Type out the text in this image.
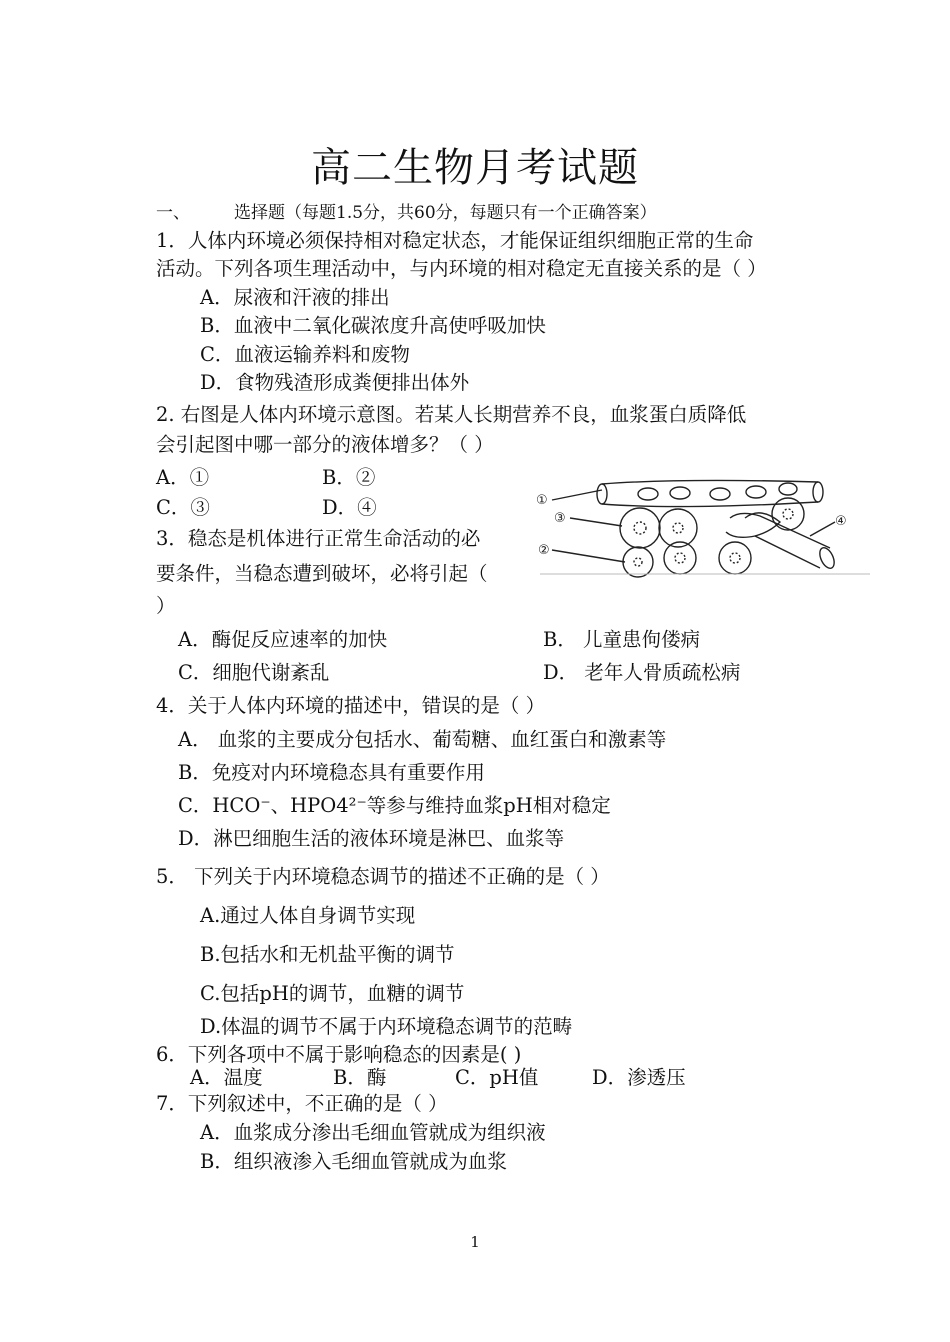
高二生物月考试题
一、	选择题（每题1.5分，共60分，每题只有一个正确答案）
1．人体内环境必须保持相对稳定状态，才能保证组织细胞正常的生命
活动。下列各项生理活动中，与内环境的相对稳定无直接关系的是（ ）
A．尿液和汗液的排出
B．血液中二氧化碳浓度升高使呼吸加快
C．血液运输养料和废物
D．食物残渣形成粪便排出体外
2. 右图是人体内环境示意图。若某人长期营养不良，血浆蛋白质降低
会引起图中哪一部分的液体增多？（ ）
A．①	B．②
C．③	D．④	①
③
②
④
3．稳态是机体进行正常生命活动的必
要条件，当稳态遭到破坏，必将引起（
）
A．酶促反应速率的加快	B． 儿童患佝偻病
C．细胞代谢紊乱	D． 老年人骨质疏松病
4．关于人体内环境的描述中，错误的是（ ）
A． 血浆的主要成分包括水、葡萄糖、血红蛋白和激素等
B．免疫对内环境稳态具有重要作用
C．HCO⁻、HPO4²⁻等参与维持血浆pH相对稳定
D．淋巴细胞生活的液体环境是淋巴、血浆等
5． 下列关于内环境稳态调节的描述不正确的是（ ）
A.通过人体自身调节实现
B.包括水和无机盐平衡的调节
C.包括pH的调节，血糖的调节
D.体温的调节不属于内环境稳态调节的范畴
6．下列各项中不属于影响稳态的因素是( )
A．温度	B．酶	C．pH值	D．渗透压
7．下列叙述中，不正确的是（ ）
A．血浆成分渗出毛细血管就成为组织液
B．组织液渗入毛细血管就成为血浆
1
